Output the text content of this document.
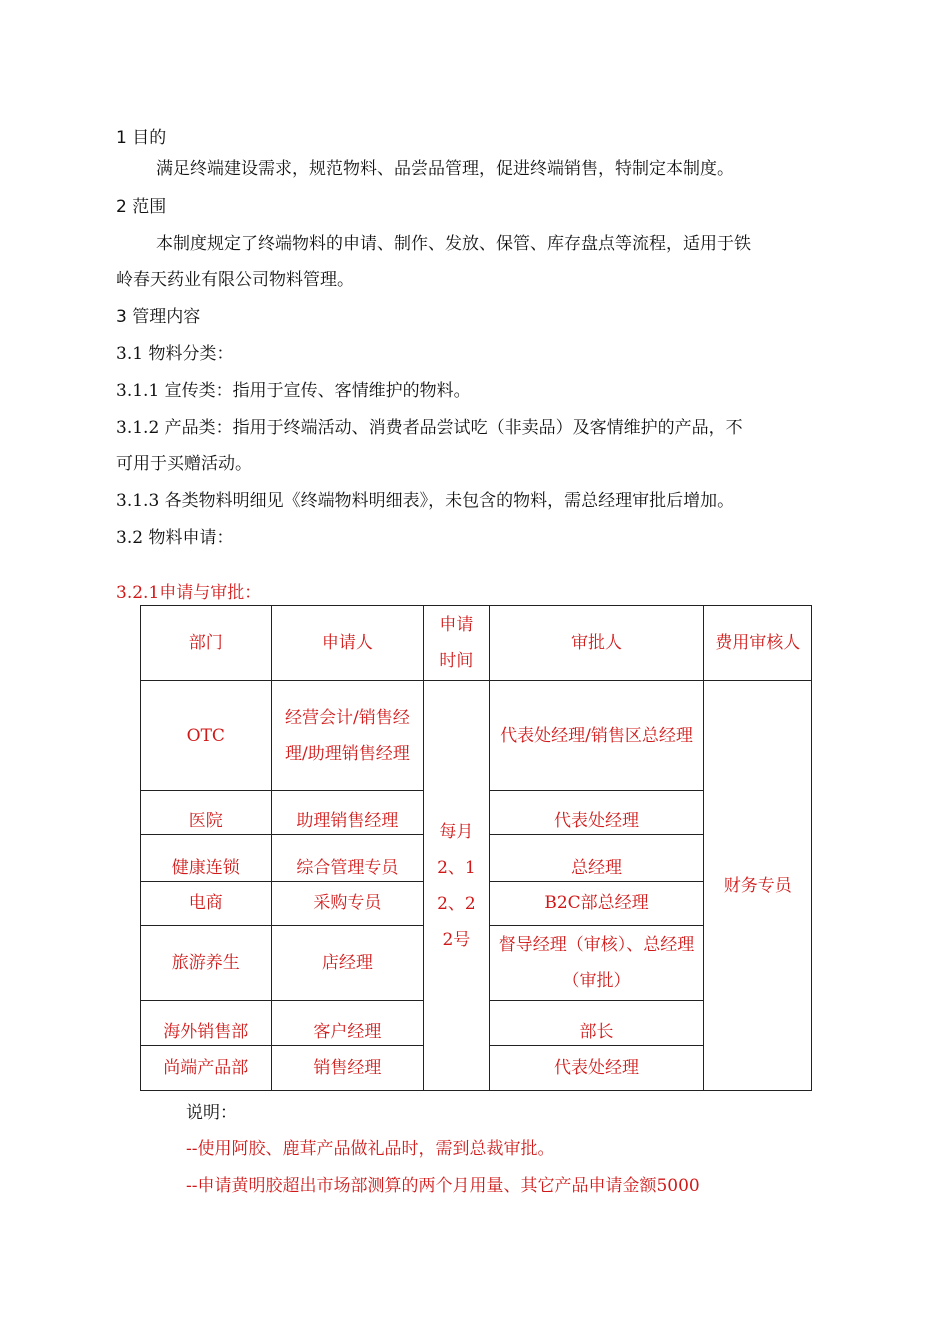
1 目的
满足终端建设需求，规范物料、品尝品管理，促进终端销售，特制定本制度。
2 范围
本制度规定了终端物料的申请、制作、发放、保管、库存盘点等流程，适用于铁
岭春天药业有限公司物料管理。
3 管理内容
3.1 物料分类：
3.1.1 宣传类：指用于宣传、客情维护的物料。
3.1.2 产品类：指用于终端活动、消费者品尝试吃（非卖品）及客情维护的产品，不
可用于买赠活动。
3.1.3 各类物料明细见《终端物料明细表》，未包含的物料，需总经理审批后增加。
3.2 物料申请：
3.2.1申请与审批：
部门	申请人	申请时间	审批人	费用审核人
OTC	经营会计/销售经理/助理销售经理	每月2、12、22号	代表处经理/销售区总经理	财务专员
医院	助理销售经理		代表处经理	
健康连锁	综合管理专员		总经理	
电商	采购专员		B2C部总经理	
旅游养生	店经理		督导经理（审核）、总经理（审批）	
海外销售部	客户经理		部长	
尚端产品部	销售经理		代表处经理	
说明：
--使用阿胶、鹿茸产品做礼品时，需到总裁审批。
--申请黄明胶超出市场部测算的两个月用量、其它产品申请金额5000
